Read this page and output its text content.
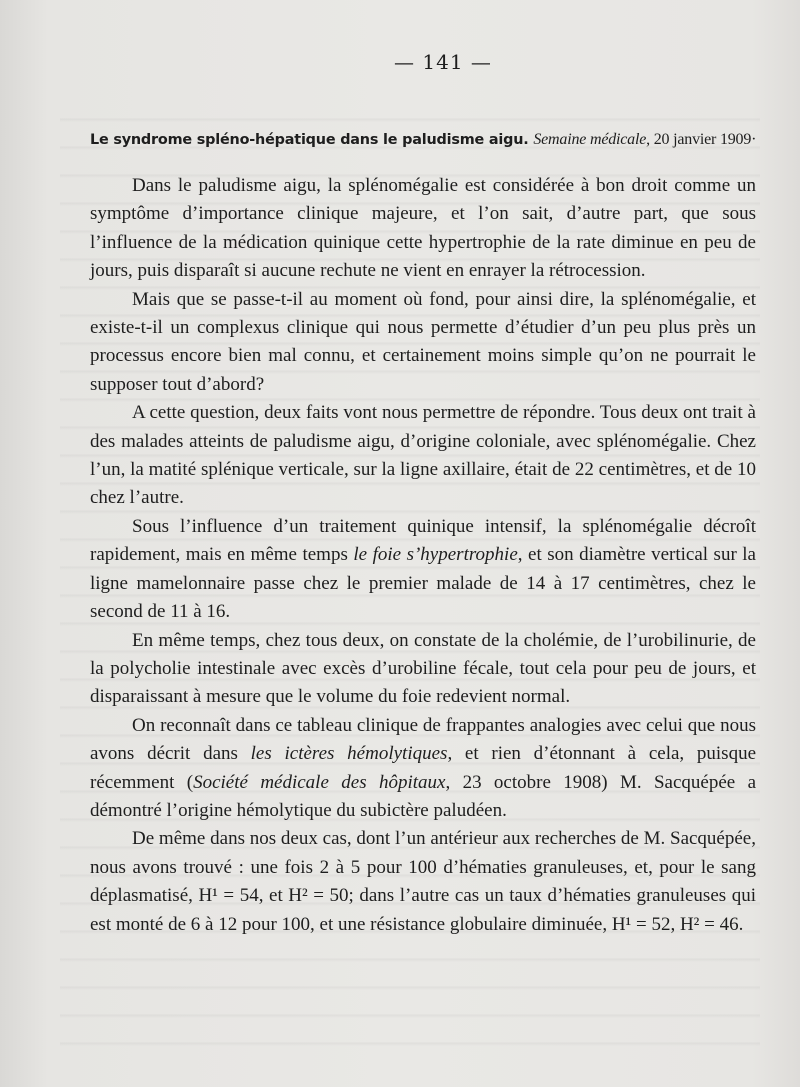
— 141 —
Le syndrome spléno-hépatique dans le paludisme aigu. Semaine médicale, 20 janvier 1909·

Dans le paludisme aigu, la splénomégalie est considérée à bon droit comme un symptôme d’importance clinique majeure, et l’on sait, d’autre part, que sous l’influence de la médication quinique cette hypertrophie de la rate diminue en peu de jours, puis disparaît si aucune rechute ne vient en enrayer la rétrocession.

Mais que se passe-t-il au moment où fond, pour ainsi dire, la splénomégalie, et existe-t-il un complexus clinique qui nous permette d’étudier d’un peu plus près un processus encore bien mal connu, et certainement moins simple qu’on ne pourrait le supposer tout d’abord?

A cette question, deux faits vont nous permettre de répondre. Tous deux ont trait à des malades atteints de paludisme aigu, d’origine coloniale, avec splénomégalie. Chez l’un, la matité splénique verticale, sur la ligne axillaire, était de 22 centimètres, et de 10 chez l’autre.

Sous l’influence d’un traitement quinique intensif, la splénomégalie décroît rapidement, mais en même temps le foie s’hypertrophie, et son diamètre vertical sur la ligne mamelonnaire passe chez le premier malade de 14 à 17 centimètres, chez le second de 11 à 16.

En même temps, chez tous deux, on constate de la cholémie, de l’urobilinurie, de la polycholie intestinale avec excès d’urobiline fécale, tout cela pour peu de jours, et disparaissant à mesure que le volume du foie redevient normal.

On reconnaît dans ce tableau clinique de frappantes analogies avec celui que nous avons décrit dans les ictères hémolytiques, et rien d’étonnant à cela, puisque récemment (Société médicale des hôpitaux, 23 octobre 1908) M. Sacquépée a démontré l’origine hémolytique du subictère paludéen.

De même dans nos deux cas, dont l’un antérieur aux recherches de M. Sacquépée, nous avons trouvé : une fois 2 à 5 pour 100 d’hématies granuleuses, et, pour le sang déplasmatisé, H¹ = 54, et H² = 50; dans l’autre cas un taux d’hématies granuleuses qui est monté de 6 à 12 pour 100, et une résistance globulaire diminuée, H¹ = 52, H² = 46.
